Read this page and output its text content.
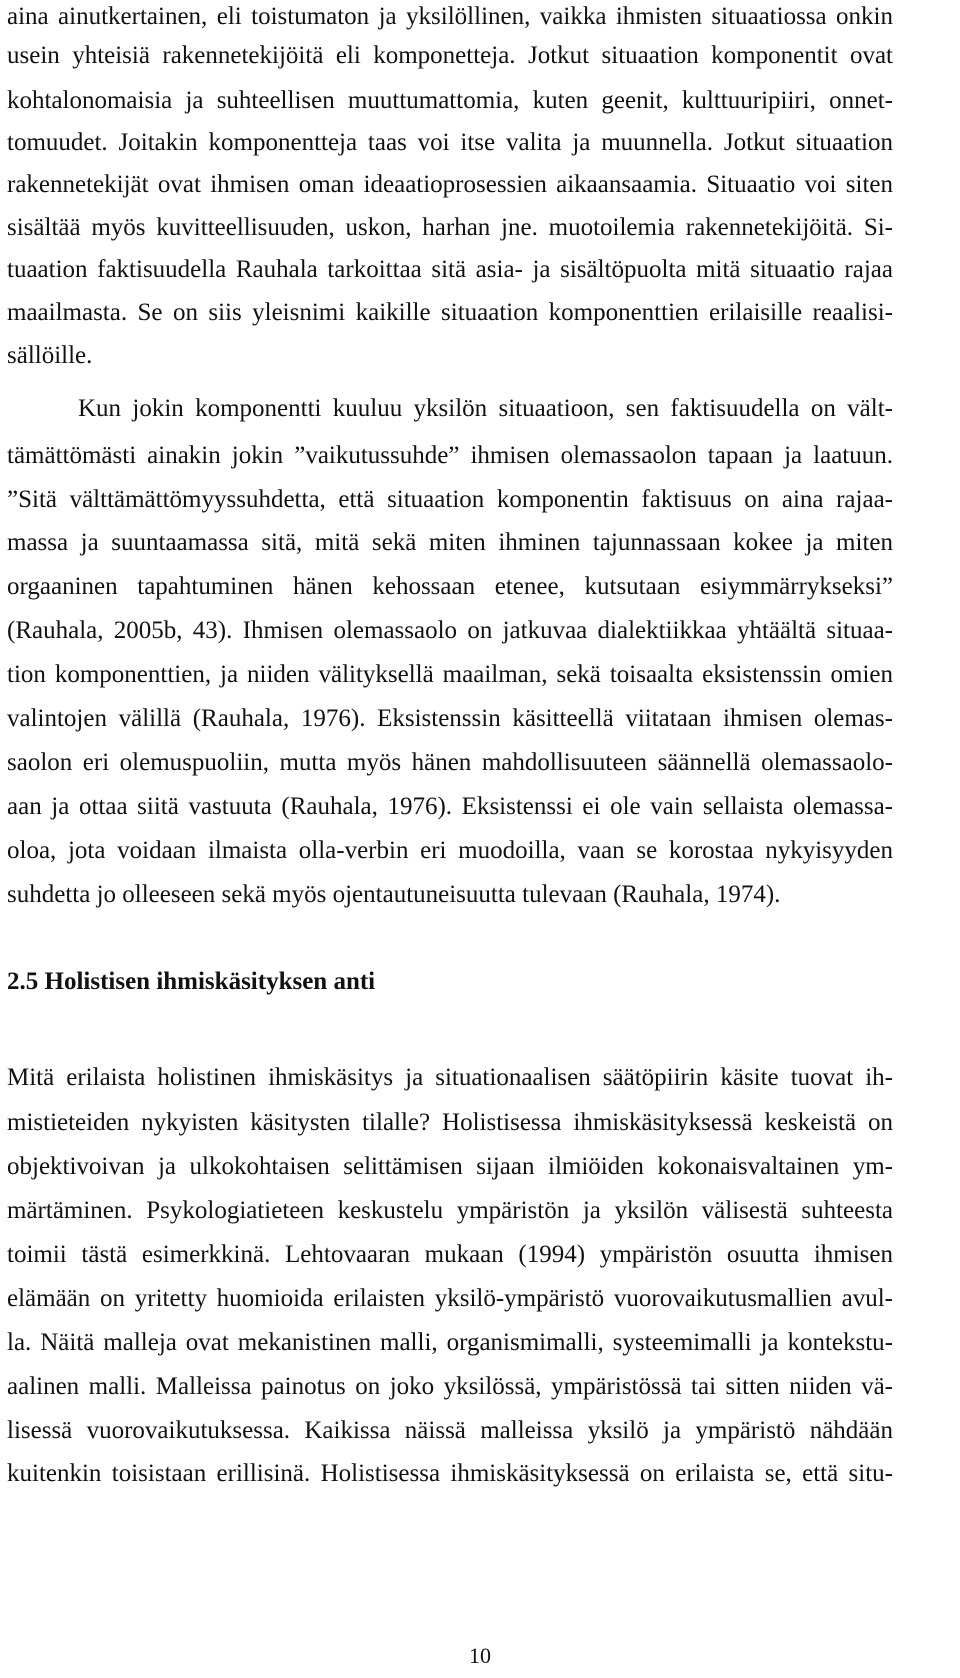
aina ainutkertainen, eli toistumaton ja yksilöllinen, vaikka ihmisten situaatiossa onkin
usein yhteisiä rakennetekijöitä eli komponetteja. Jotkut situaation komponentit ovat
kohtalonomaisia ja suhteellisen muuttumattomia, kuten geenit, kulttuuripiiri, onnet-
tomuudet. Joitakin komponentteja taas voi itse valita ja muunnella. Jotkut situaation
rakennetekijät ovat ihmisen oman ideaatioprosessien aikaansaamia. Situaatio voi siten
sisältää myös kuvitteellisuuden, uskon, harhan jne. muotoilemia rakennetekijöitä. Si-
tuaation faktisuudella Rauhala tarkoittaa sitä asia- ja sisältöpuolta mitä situaatio rajaa
maailmasta. Se on siis yleisnimi kaikille situaation komponenttien erilaisille reaalisi-
sällöille.
Kun jokin komponentti kuuluu yksilön situaatioon, sen faktisuudella on vält-
tämättömästi ainakin jokin ”vaikutussuhde” ihmisen olemassaolon tapaan ja laatuun.
”Sitä välttämättömyyssuhdetta, että situaation komponentin faktisuus on aina rajaa-
massa ja suuntaamassa sitä, mitä sekä miten ihminen tajunnassaan kokee ja miten
orgaaninen tapahtuminen hänen kehossaan etenee, kutsutaan esiymmärrykseksi”
(Rauhala, 2005b, 43). Ihmisen olemassaolo on jatkuvaa dialektiikkaa yhtäältä situaa-
tion komponenttien, ja niiden välityksellä maailman, sekä toisaalta eksistenssin omien
valintojen välillä (Rauhala, 1976). Eksistenssin käsitteellä viitataan ihmisen olemas-
saolon eri olemuspuoliin, mutta myös hänen mahdollisuuteen säännellä olemassaolo-
aan ja ottaa siitä vastuuta (Rauhala, 1976). Eksistenssi ei ole vain sellaista olemassa-
oloa, jota voidaan ilmaista olla-verbin eri muodoilla, vaan se korostaa nykyisyyden
suhdetta jo olleeseen sekä myös ojentautuneisuutta tulevaan (Rauhala, 1974).
2.5 Holistisen ihmiskäsityksen anti
Mitä erilaista holistinen ihmiskäsitys ja situationaalisen säätöpiirin käsite tuovat ih-
mistieteiden nykyisten käsitysten tilalle? Holistisessa ihmiskäsityksessä keskeistä on
objektivoivan ja ulkokohtaisen selittämisen sijaan ilmiöiden kokonaisvaltainen ym-
märtäminen. Psykologiatieteen keskustelu ympäristön ja yksilön välisestä suhteesta
toimii tästä esimerkkinä. Lehtovaaran mukaan (1994) ympäristön osuutta ihmisen
elämään on yritetty huomioida erilaisten yksilö-ympäristö vuorovaikutusmallien avul-
la. Näitä malleja ovat mekanistinen malli, organismimalli, systeemimalli ja kontekstu-
aalinen malli. Malleissa painotus on joko yksilössä, ympäristössä tai sitten niiden vä-
lisessä vuorovaikutuksessa. Kaikissa näissä malleissa yksilö ja ympäristö nähdään
kuitenkin toisistaan erillisinä. Holistisessa ihmiskäsityksessä on erilaista se, että situ-
10
